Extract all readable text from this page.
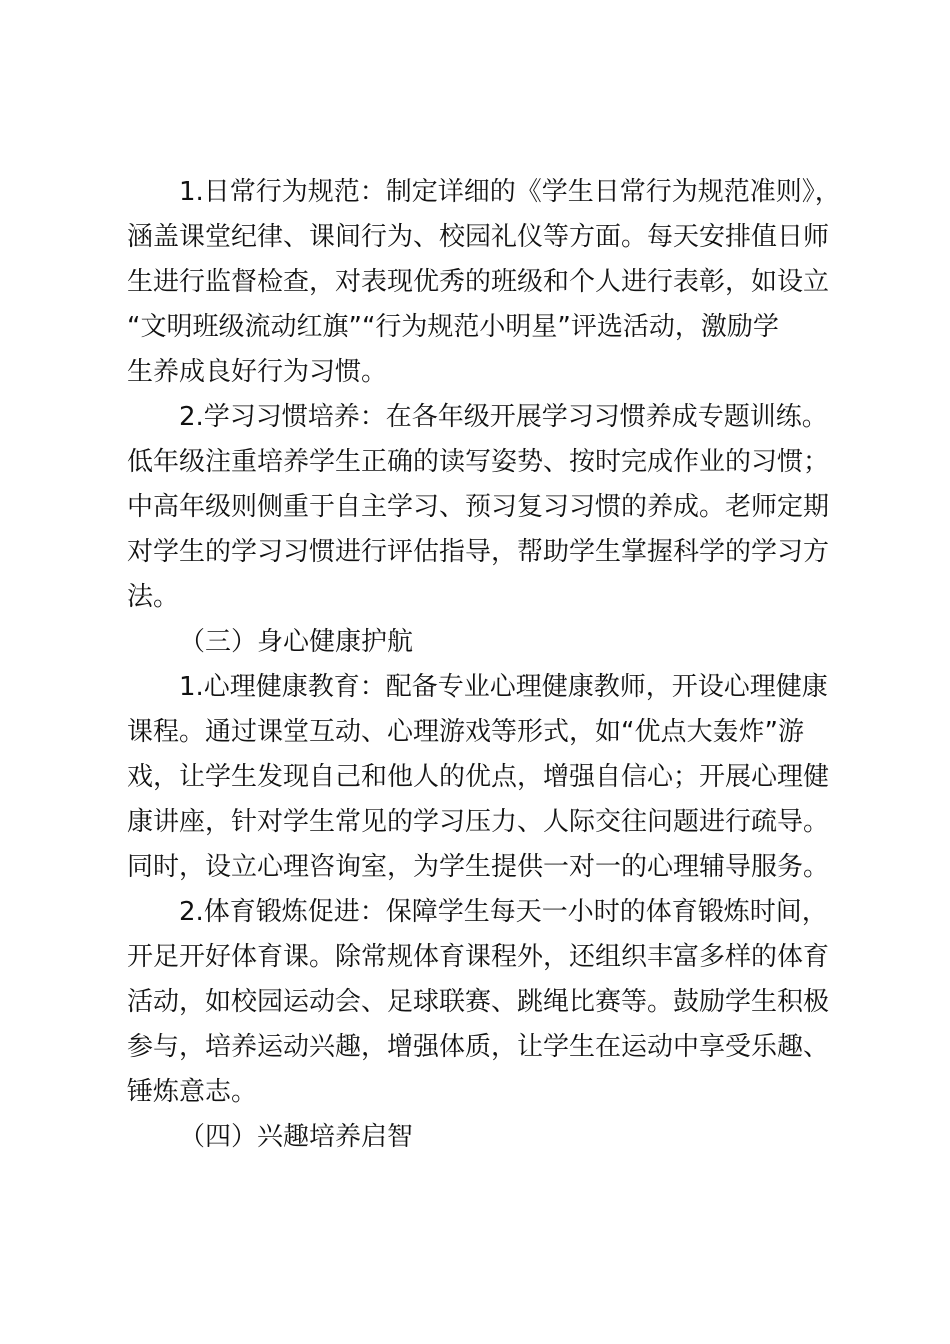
1.日常行为规范：制定详细的《学生日常行为规范准则》，
涵盖课堂纪律、课间行为、校园礼仪等方面。每天安排值日师
生进行监督检查，对表现优秀的班级和个人进行表彰，如设立
“文明班级流动红旗”“行为规范小明星”评选活动，激励学
生养成良好行为习惯。
2.学习习惯培养：在各年级开展学习习惯养成专题训练。
低年级注重培养学生正确的读写姿势、按时完成作业的习惯；
中高年级则侧重于自主学习、预习复习习惯的养成。老师定期
对学生的学习习惯进行评估指导，帮助学生掌握科学的学习方
法。
（三）身心健康护航
1.心理健康教育：配备专业心理健康教师，开设心理健康
课程。通过课堂互动、心理游戏等形式，如“优点大轰炸”游
戏，让学生发现自己和他人的优点，增强自信心；开展心理健
康讲座，针对学生常见的学习压力、人际交往问题进行疏导。
同时，设立心理咨询室，为学生提供一对一的心理辅导服务。
2.体育锻炼促进：保障学生每天一小时的体育锻炼时间，
开足开好体育课。除常规体育课程外，还组织丰富多样的体育
活动，如校园运动会、足球联赛、跳绳比赛等。鼓励学生积极
参与，培养运动兴趣，增强体质，让学生在运动中享受乐趣、
锤炼意志。
（四）兴趣培养启智
